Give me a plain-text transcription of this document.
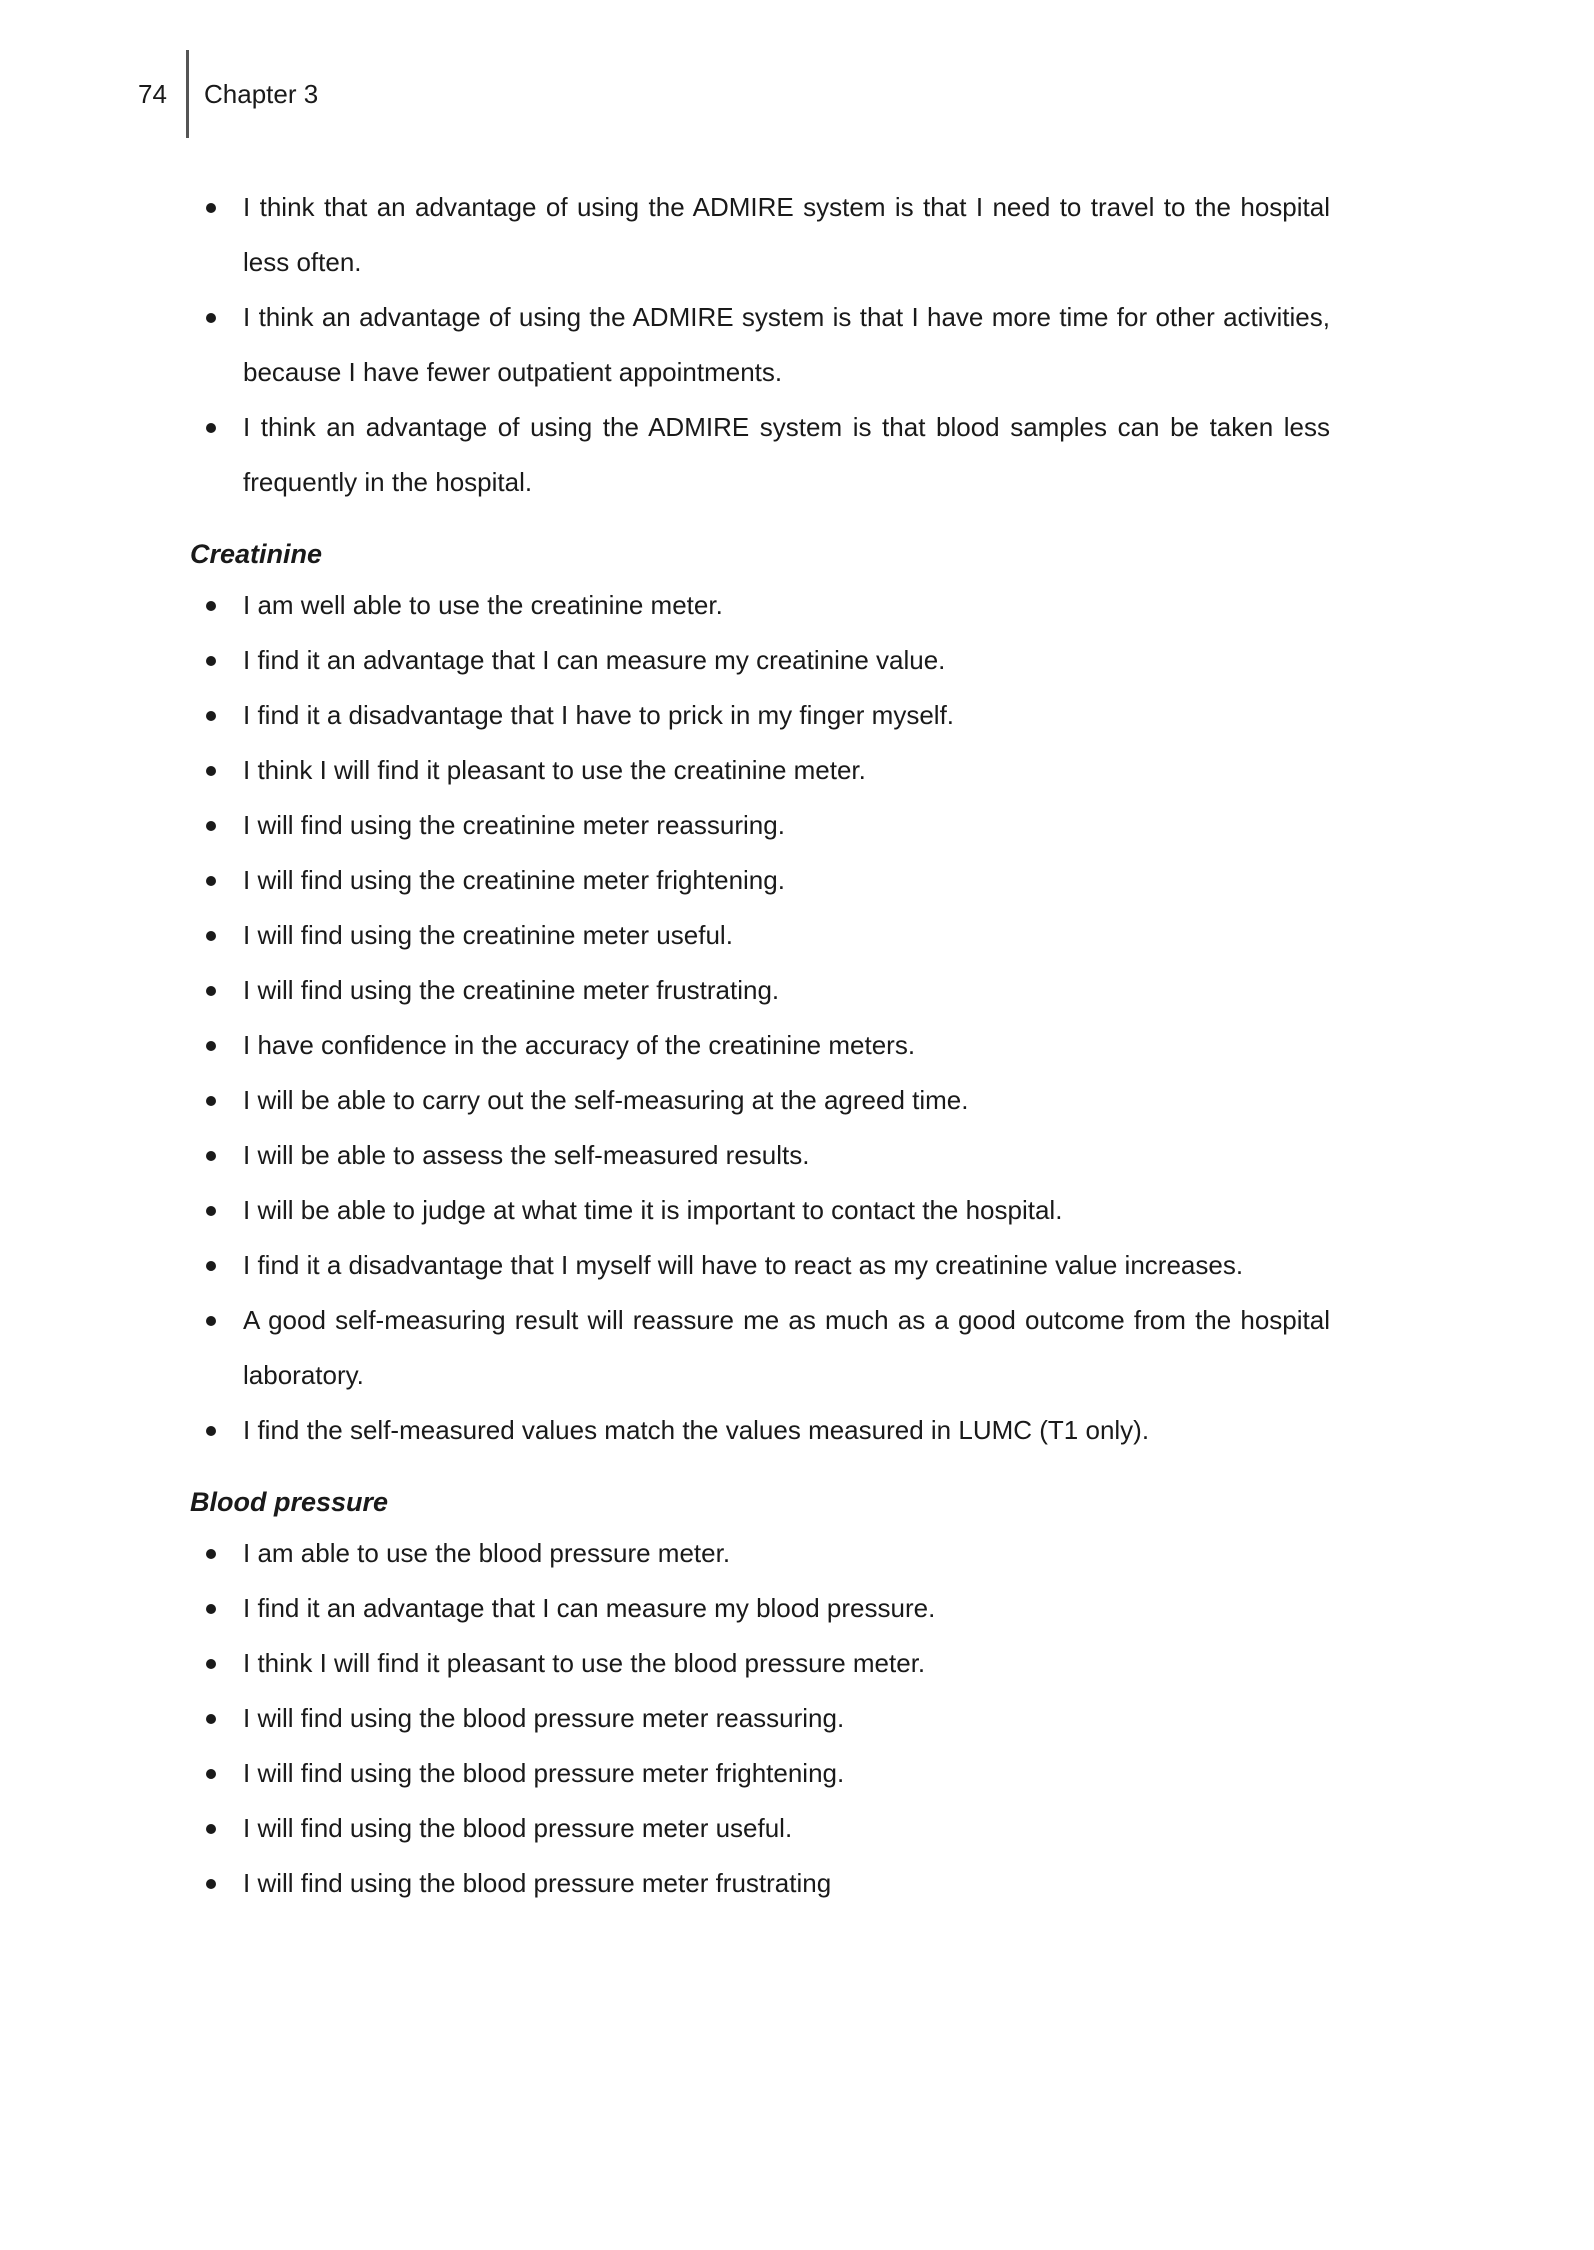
74 Chapter 3
I think that an advantage of using the ADMIRE system is that I need to travel to the hospital less often.
I think an advantage of using the ADMIRE system is that I have more time for other activities, because I have fewer outpatient appointments.
I think an advantage of using the ADMIRE system is that blood samples can be taken less frequently in the hospital.
Creatinine
I am well able to use the creatinine meter.
I find it an advantage that I can measure my creatinine value.
I find it a disadvantage that I have to prick in my finger myself.
I think I will find it pleasant to use the creatinine meter.
I will find using the creatinine meter reassuring.
I will find using the creatinine meter frightening.
I will find using the creatinine meter useful.
I will find using the creatinine meter frustrating.
I have confidence in the accuracy of the creatinine meters.
I will be able to carry out the self-measuring at the agreed time.
I will be able to assess the self-measured results.
I will be able to judge at what time it is important to contact the hospital.
I find it a disadvantage that I myself will have to react as my creatinine value increases.
A good self-measuring result will reassure me as much as a good outcome from the hospital laboratory.
I find the self-measured values match the values measured in LUMC (T1 only).
Blood pressure
I am able to use the blood pressure meter.
I find it an advantage that I can measure my blood pressure.
I think I will find it pleasant to use the blood pressure meter.
I will find using the blood pressure meter reassuring.
I will find using the blood pressure meter frightening.
I will find using the blood pressure meter useful.
I will find using the blood pressure meter frustrating
